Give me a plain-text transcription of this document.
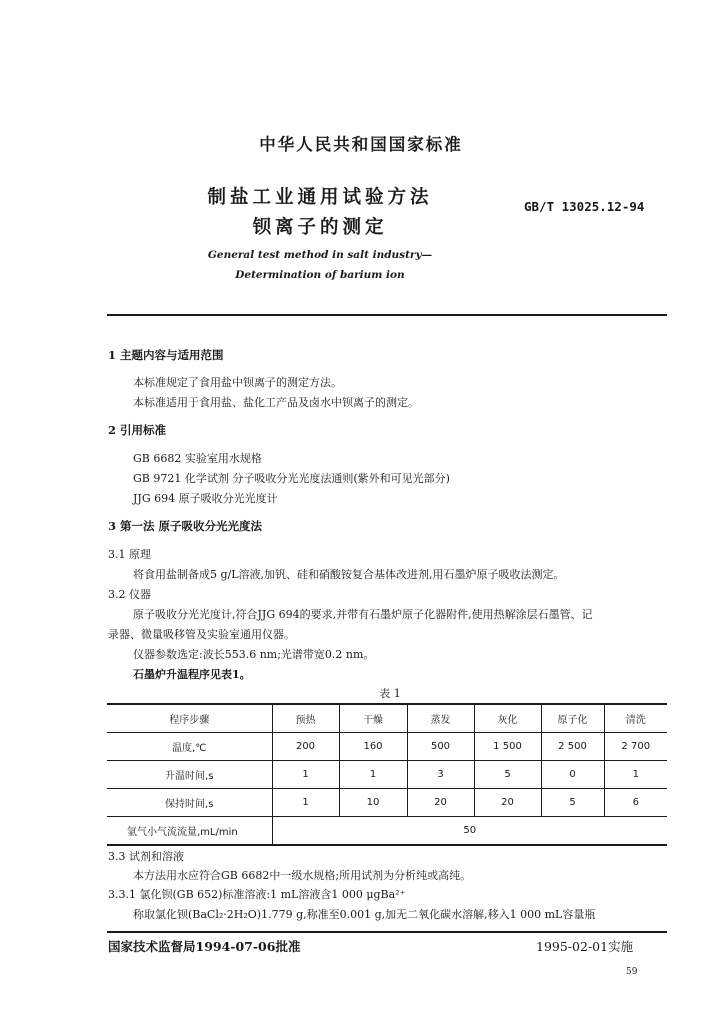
中华人民共和国国家标准
制盐工业通用试验方法
钡离子的测定
GB/T 13025.12-94
General test method in salt industry—
Determination of barium ion
1 主题内容与适用范围
本标准规定了食用盐中钡离子的测定方法。
本标准适用于食用盐、盐化工产品及卤水中钡离子的测定。
2 引用标准
GB 6682 实验室用水规格
GB 9721 化学试剂 分子吸收分光光度法通则(紫外和可见光部分)
JJG 694 原子吸收分光光度计
3 第一法 原子吸收分光光度法
3.1 原理
将食用盐制备成5 g/L溶液,加钒、硅和硝酸铵复合基体改进剂,用石墨炉原子吸收法测定。
3.2 仪器
原子吸收分光光度计,符合JJG 694的要求,并带有石墨炉原子化器附件,使用热解涂层石墨管、记
录器、微量吸移管及实验室通用仪器。
仪器参数选定:波长553.6 nm;光谱带宽0.2 nm。
石墨炉升温程序见表1。
表 1
程序步骤	预热	干燥	蒸发	灰化	原子化	清洗
温度,℃	200	160	500	1 500	2 500	2 700
升温时间,s	1	1	3	5	0	1
保持时间,s	1	10	20	20	5	6
氩气小气流流量,mL/min	50					
3.3 试剂和溶液
本方法用水应符合GB 6682中一级水规格;所用试剂为分析纯或高纯。
3.3.1 氯化钡(GB 652)标准溶液:1 mL溶液含1 000 μgBa²⁺
称取氯化钡(BaCl₂·2H₂O)1.779 g,称准至0.001 g,加无二氧化碳水溶解,移入1 000 mL容量瓶
国家技术监督局1994-07-06批准	1995-02-01实施
59
